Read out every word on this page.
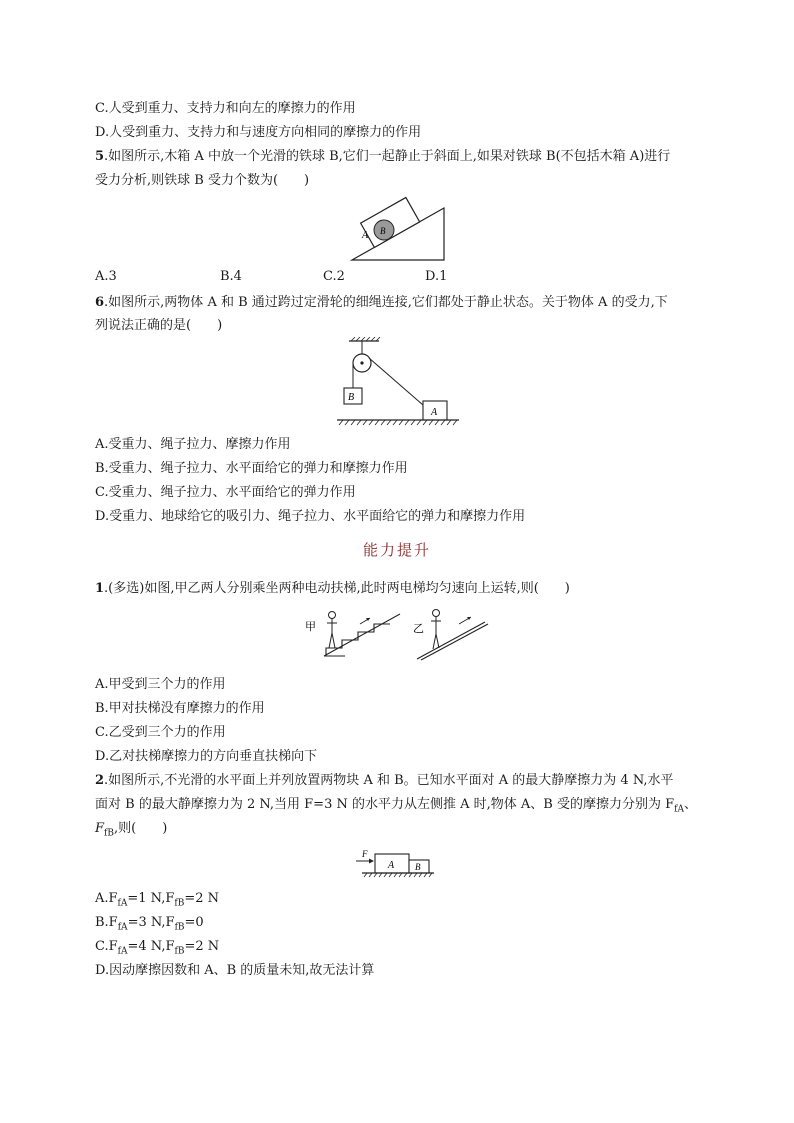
C.人受到重力、支持力和向左的摩擦力的作用
D.人受到重力、支持力和与速度方向相同的摩擦力的作用
5.如图所示,木箱 A 中放一个光滑的铁球 B,它们一起静止于斜面上,如果对铁球 B(不包括木箱 A)进行
受力分析,则铁球 B 受力个数为(　　)
A B
A.3	B.4	C.2	D.1
6.如图所示,两物体 A 和 B 通过跨过定滑轮的细绳连接,它们都处于静止状态。关于物体 A 的受力,下
列说法正确的是(　　)
B
A
A.受重力、绳子拉力、摩擦力作用
B.受重力、绳子拉力、水平面给它的弹力和摩擦力作用
C.受重力、绳子拉力、水平面给它的弹力作用
D.受重力、地球给它的吸引力、绳子拉力、水平面给它的弹力和摩擦力作用
能力提升
1.(多选)如图,甲乙两人分别乘坐两种电动扶梯,此时两电梯均匀速向上运转,则(　　)
甲	乙
A.甲受到三个力的作用
B.甲对扶梯没有摩擦力的作用
C.乙受到三个力的作用
D.乙对扶梯摩擦力的方向垂直扶梯向下
2.如图所示,不光滑的水平面上并列放置两物块 A 和 B。已知水平面对 A 的最大静摩擦力为 4 N,水平
面对 B 的最大静摩擦力为 2 N,当用 F=3 N 的水平力从左侧推 A 时,物体 A、B 受的摩擦力分别为 $F_{fA}$、
$F_{fB}$,则(　　)
F
A B
$A.F_{fA}=1$ $N,F_{fB}=2$ N
$B.F_{fA}=3$ $N,F_{fB}=0$
$C.F_{fA}=4$ $N,F_{fB}=2$ N
D.因动摩擦因数和 A、B 的质量未知,故无法计算
